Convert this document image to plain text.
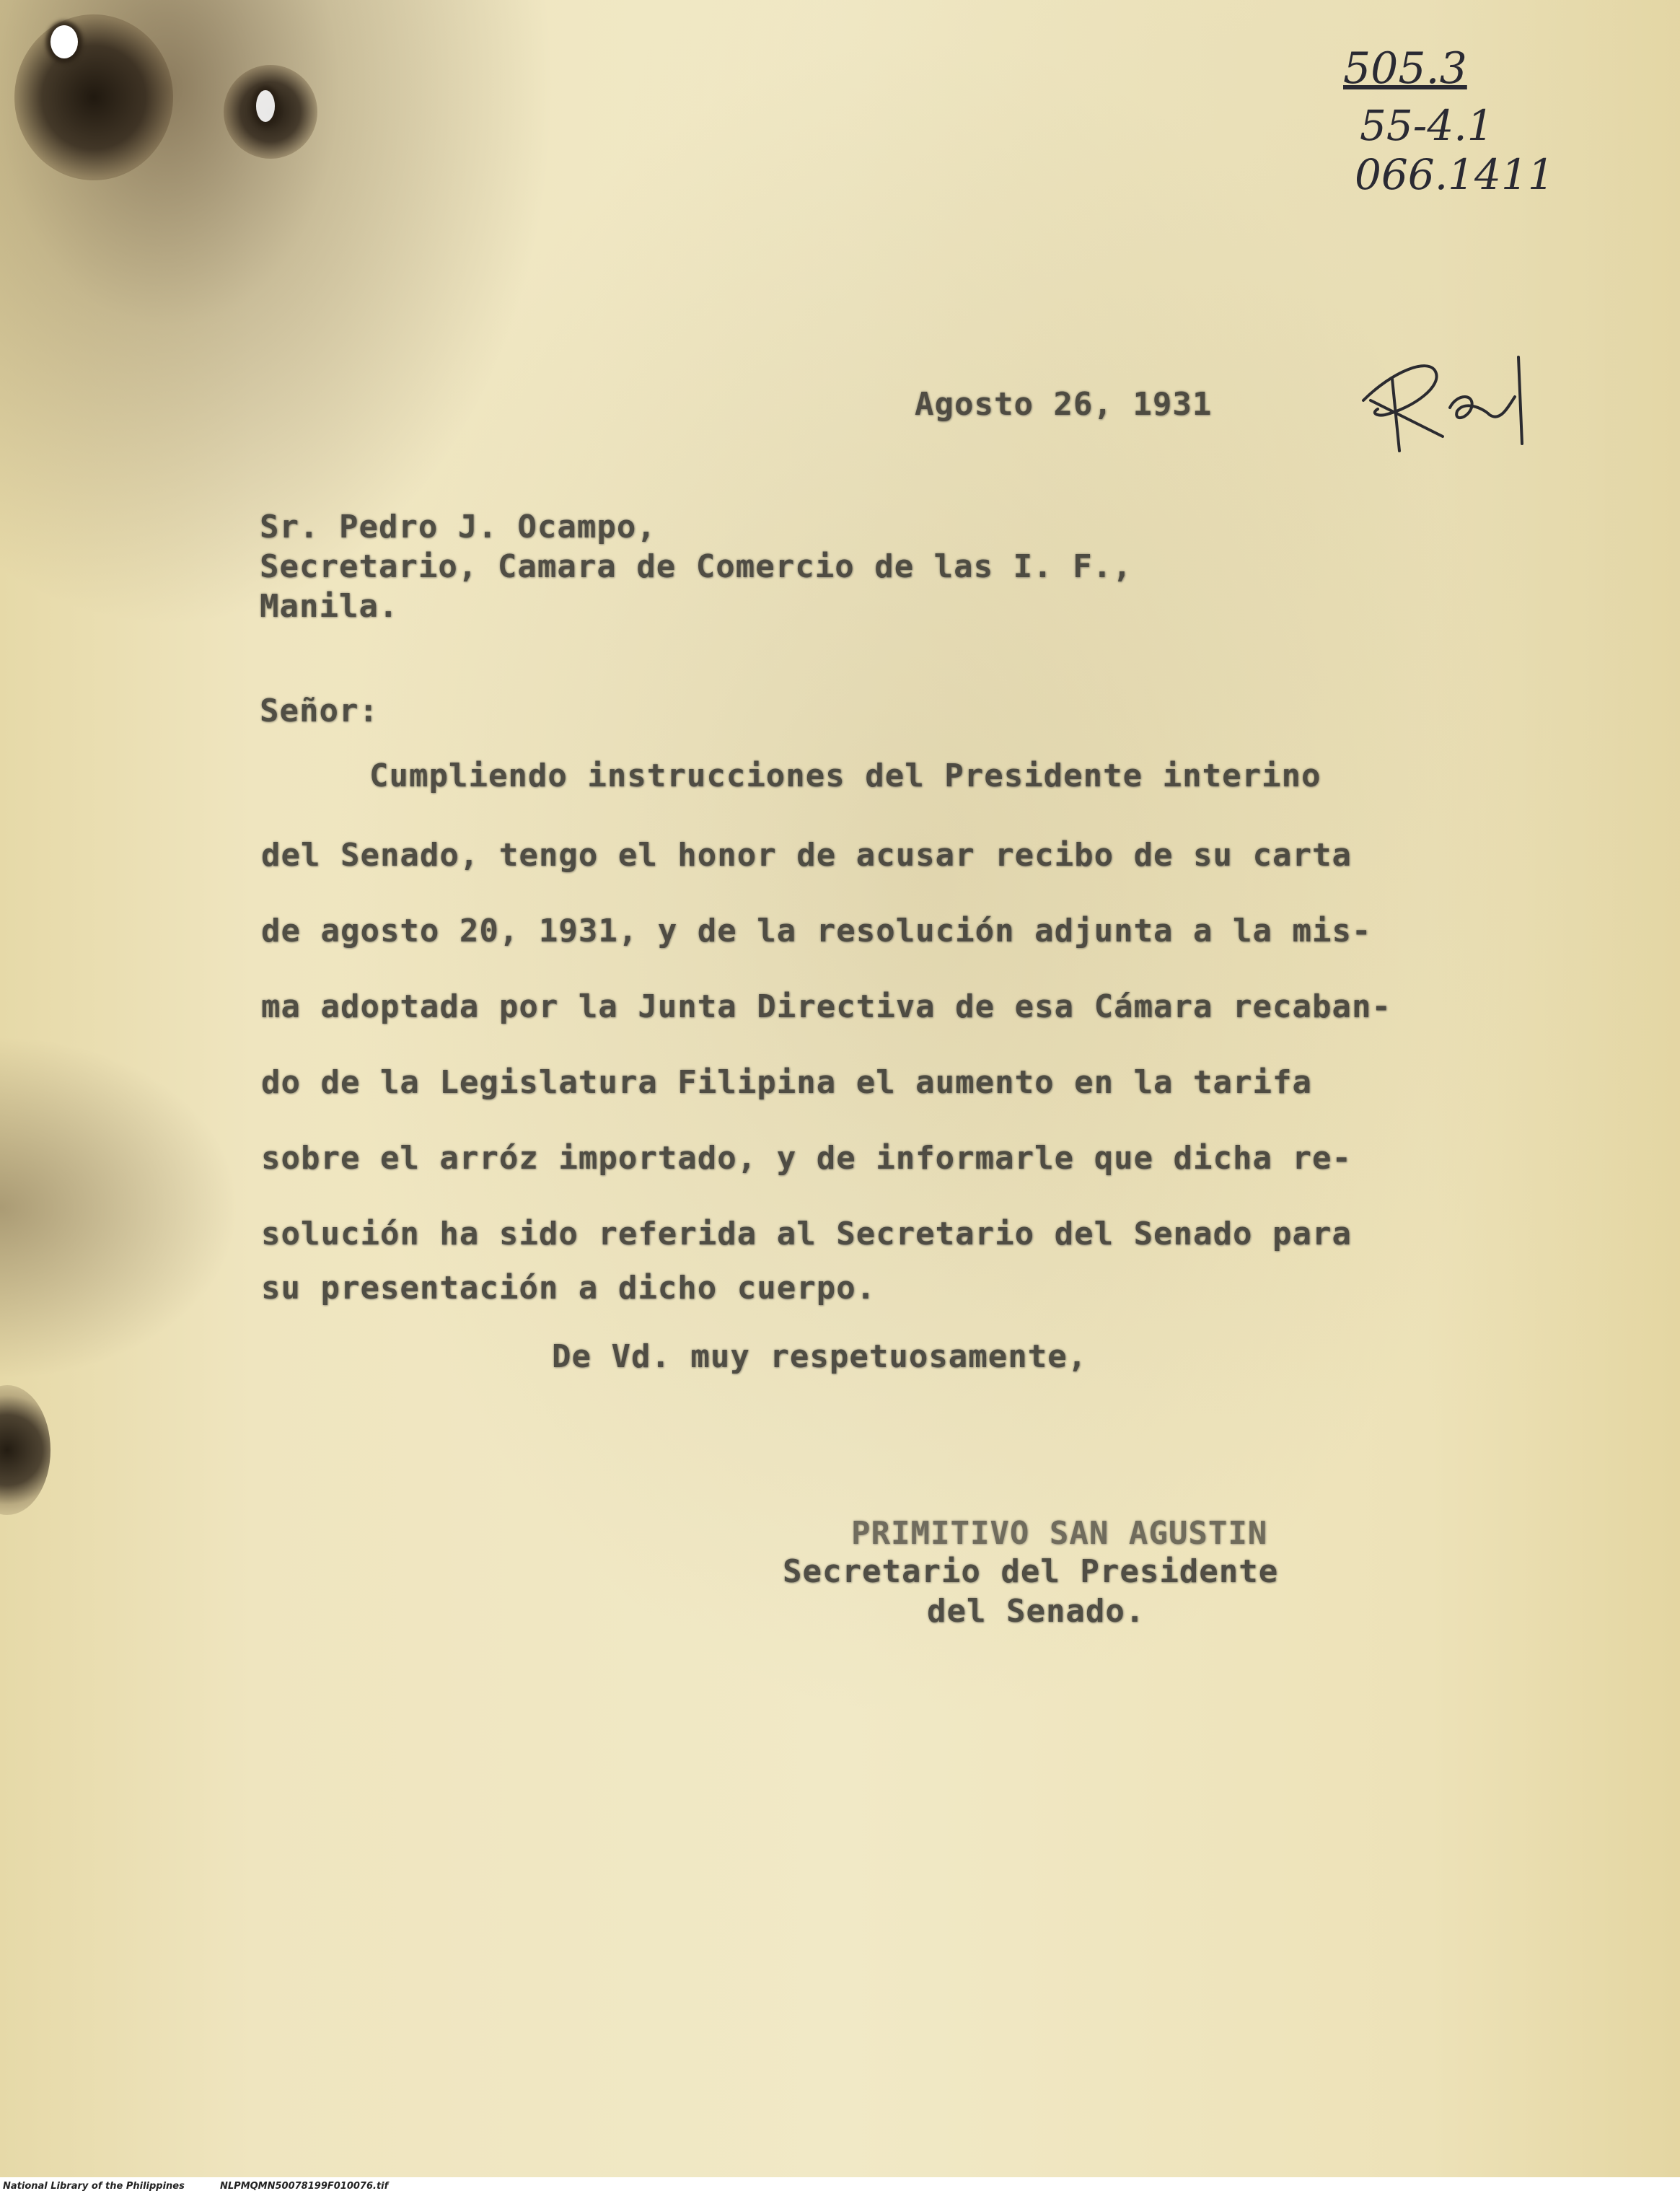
505.3
55-4.1
066.1411
Agosto 26, 1931
Sr. Pedro J. Ocampo,
Secretario, Camara de Comercio de las I. F.,
Manila.
Señor:
Cumpliendo instrucciones del Presidente interino
del Senado, tengo el honor de acusar recibo de su carta
de agosto 20, 1931, y de la resolución adjunta a la mis-
ma adoptada por la Junta Directiva de esa Cámara recaban-
do de la Legislatura Filipina el aumento en la tarifa
sobre el arróz importado, y de informarle que dicha re-
solución ha sido referida al Secretario del Senado para
su presentación a dicho cuerpo.
De Vd. muy respetuosamente,
PRIMITIVO SAN AGUSTIN
Secretario del Presidente
del Senado.
National Library of the Philippines	NLPMQMN50078199F010076.tif
